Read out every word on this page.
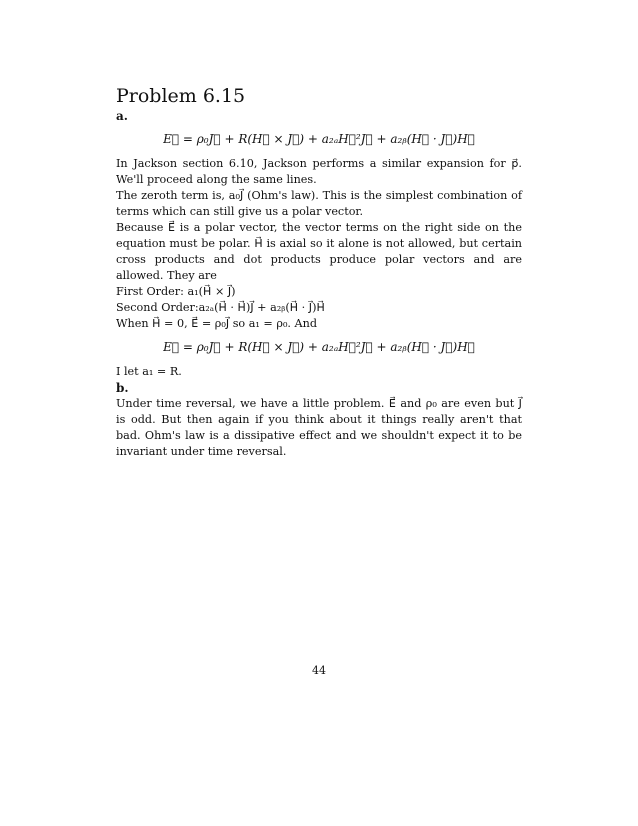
Problem 6.15
a.
E⃗ = ρ₀J⃗ + R(H⃗ × J⃗) + a₂ₐH⃗²J⃗ + a₂ᵦ(H⃗ · J⃗)H⃗

In Jackson section 6.10, Jackson performs a similar expansion for p⃗. We'll proceed along the same lines.

The zeroth term is, a₀J⃗ (Ohm's law). This is the simplest combination of terms which can still give us a polar vector.

Because E⃗ is a polar vector, the vector terms on the right side on the equation must be polar. H⃗ is axial so it alone is not allowed, but certain cross products and dot products produce polar vectors and are allowed. They are

First Order: a₁(H⃗ × J⃗)

Second Order:a₂ₐ(H⃗ · H⃗)J⃗ + a₂ᵦ(H⃗ · J⃗)H⃗

When H⃗ = 0, E⃗ = ρ₀J⃗ so a₁ = ρ₀. And

E⃗ = ρ₀J⃗ + R(H⃗ × J⃗) + a₂ₐH⃗²J⃗ + a₂ᵦ(H⃗ · J⃗)H⃗

I let a₁ = R.

b.

Under time reversal, we have a little problem. E⃗ and ρ₀ are even but J⃗ is odd. But then again if you think about it things really aren't that bad. Ohm's law is a dissipative effect and we shouldn't expect it to be invariant under time reversal.

44
